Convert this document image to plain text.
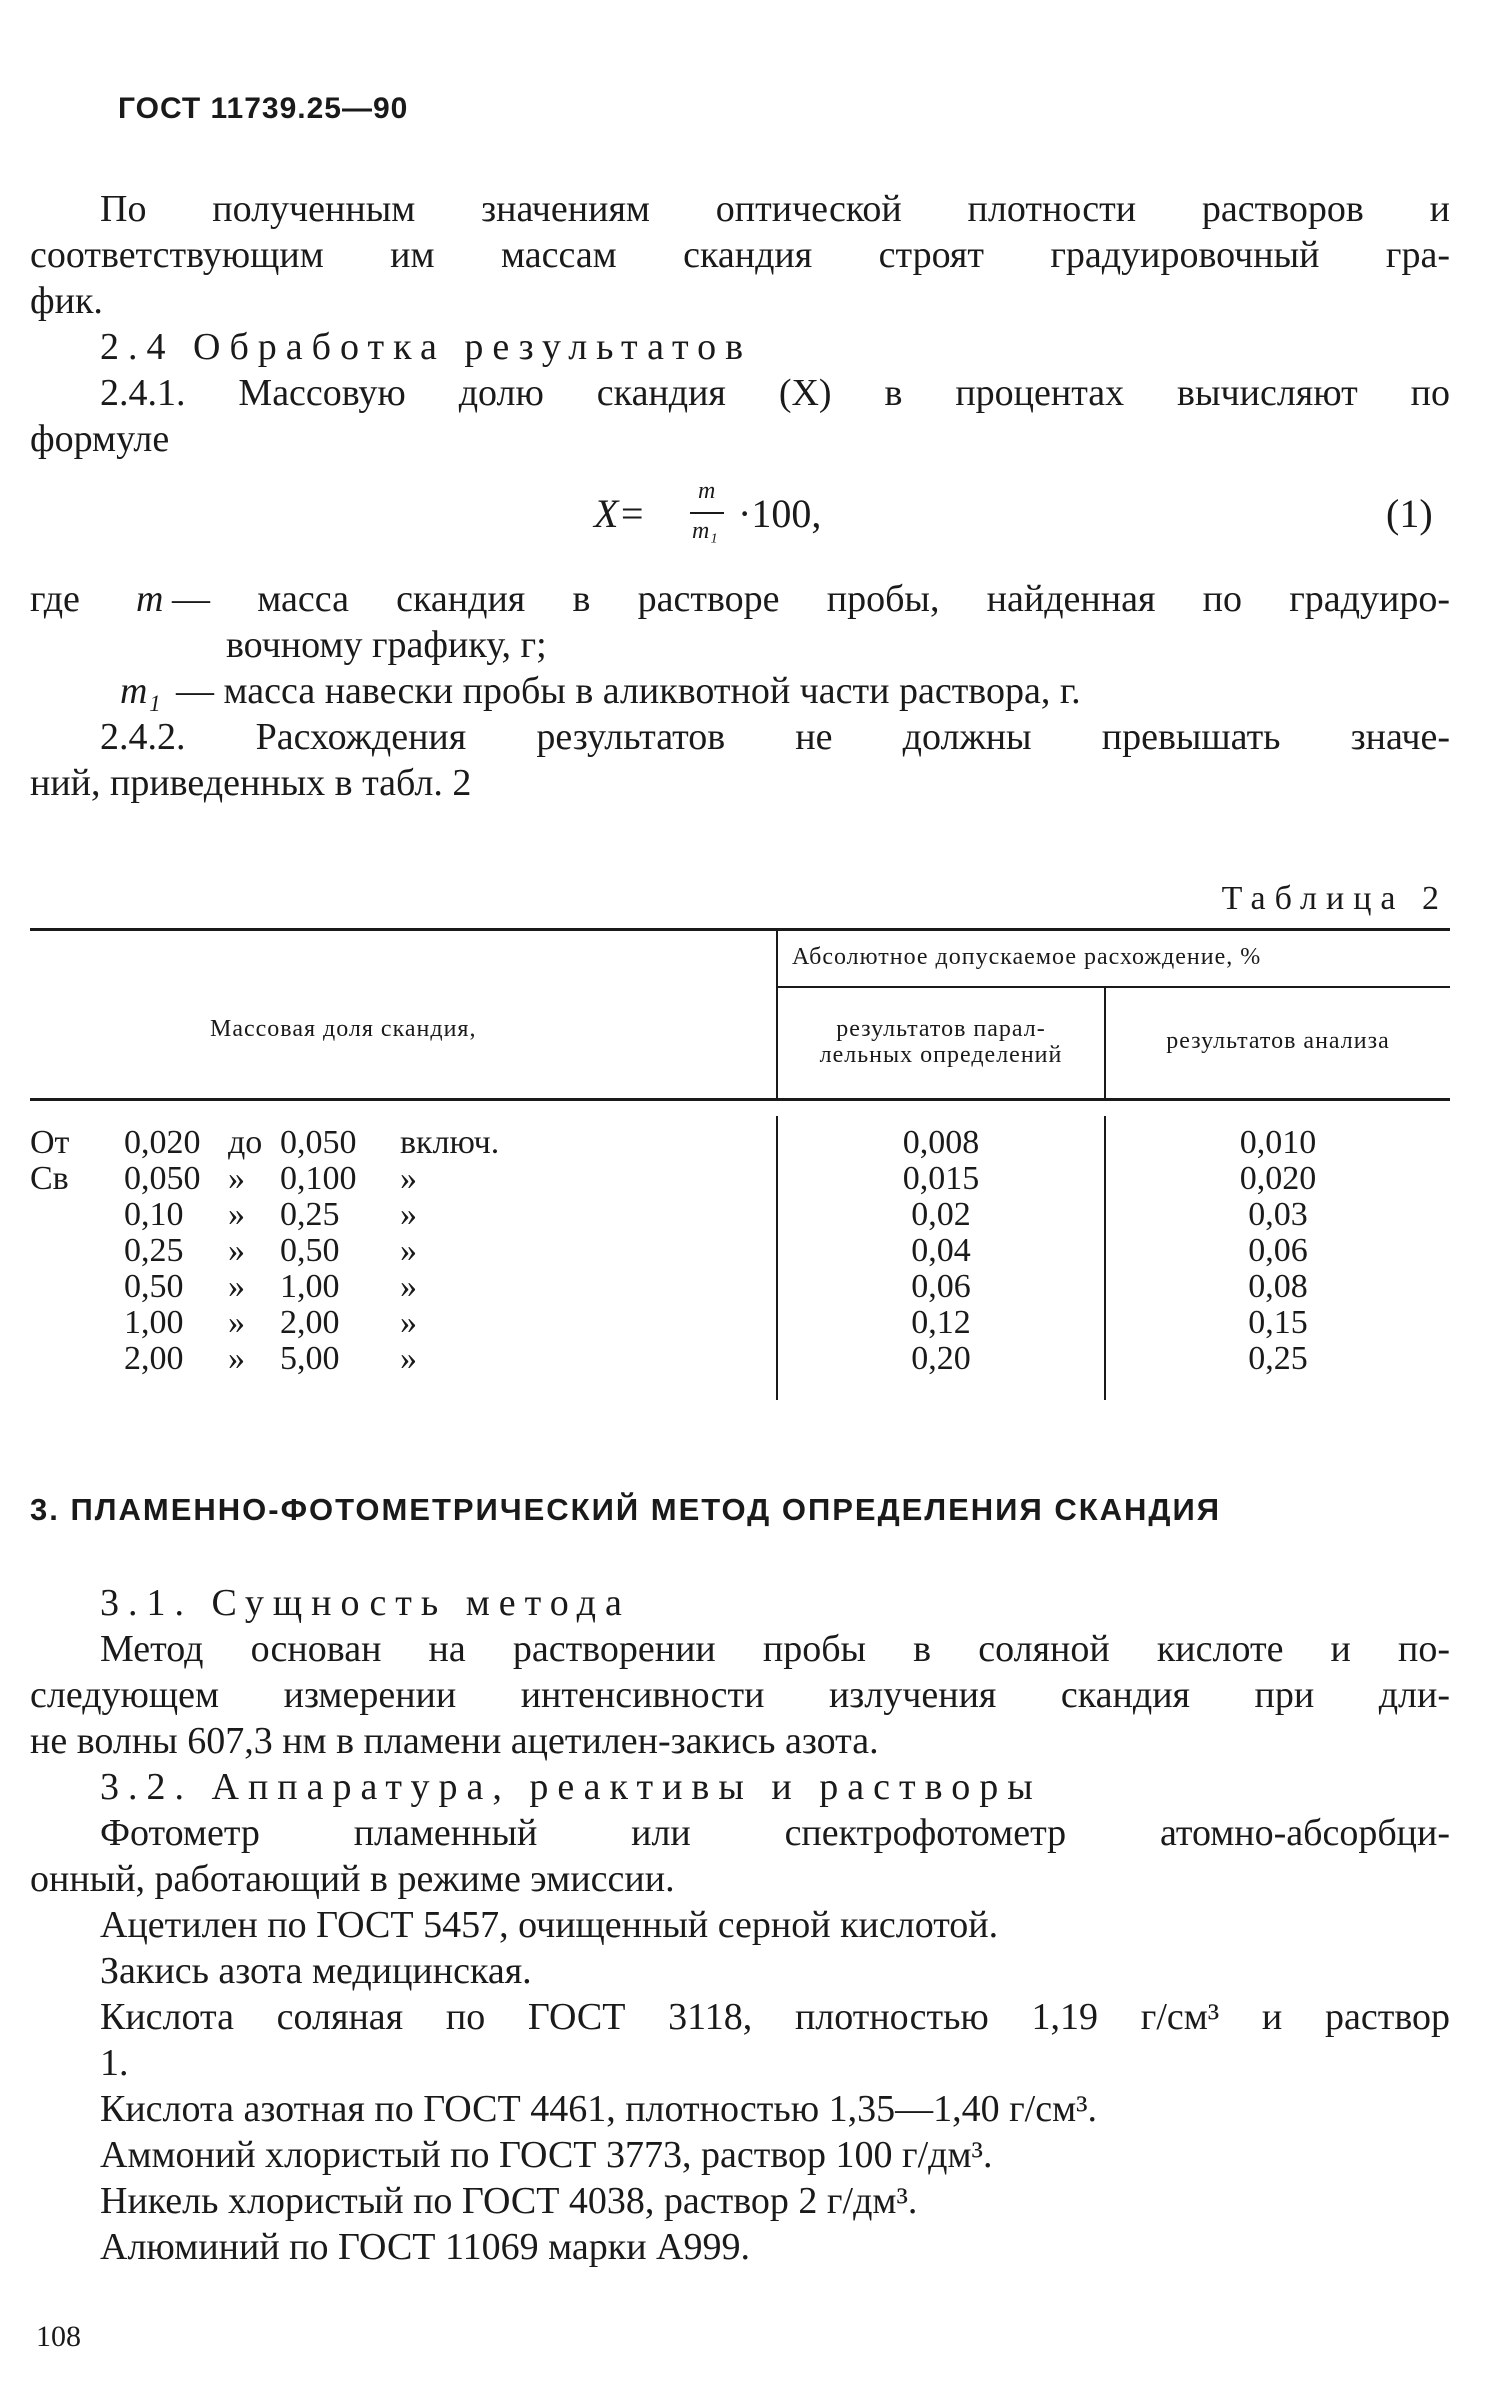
ГОСТ 11739.25—90
По полученным значениям оптической плотности растворов и
соответствующим им массам скандия строят градуировочный гра-
фик.
2.4 Обработка результатов
2.4.1. Массовую долю скандия (X) в процентах вычисляют по
формуле
X= m
m₁ ·100,	(1)
где m — масса скандия в растворе пробы, найденная по градуиро-
вочному графику, г;
m₁ — масса навески пробы в аликвотной части раствора, г.
2.4.2. Расхождения результатов не должны превышать значе-
ний, приведенных в табл. 2
Таблица 2
Массовая доля скандия,
Абсолютное допускаемое расхождение, %
результатов парал-
лельных определений
результатов анализа
От 0,020 до 0,050 включ.	0,008	0,010
Св 0,050 » 0,100 »	0,015	0,020
0,10 » 0,25 »	0,02	0,03
0,25 » 0,50 »	0,04	0,06
0,50 » 1,00 »	0,06	0,08
1,00 » 2,00 »	0,12	0,15
2,00 » 5,00 »	0,20	0,25
3. ПЛАМЕННО-ФОТОМЕТРИЧЕСКИЙ МЕТОД ОПРЕДЕЛЕНИЯ СКАНДИЯ
3.1. Сущность метода
Метод основан на растворении пробы в соляной кислоте и по-
следующем измерении интенсивности излучения скандия при дли-
не волны 607,3 нм в пламени ацетилен-закись азота.
3.2. Аппаратура, реактивы и растворы
Фотометр пламенный или спектрофотометр атомно-абсорбци-
онный, работающий в режиме эмиссии.
Ацетилен по ГОСТ 5457, очищенный серной кислотой.
Закись азота медицинская.
Кислота соляная по ГОСТ 3118, плотностью 1,19 г/см³ и раствор
1.
Кислота азотная по ГОСТ 4461, плотностью 1,35—1,40 г/см³.
Аммоний хлористый по ГОСТ 3773, раствор 100 г/дм³.
Никель хлористый по ГОСТ 4038, раствор 2 г/дм³.
Алюминий по ГОСТ 11069 марки А999.
108
